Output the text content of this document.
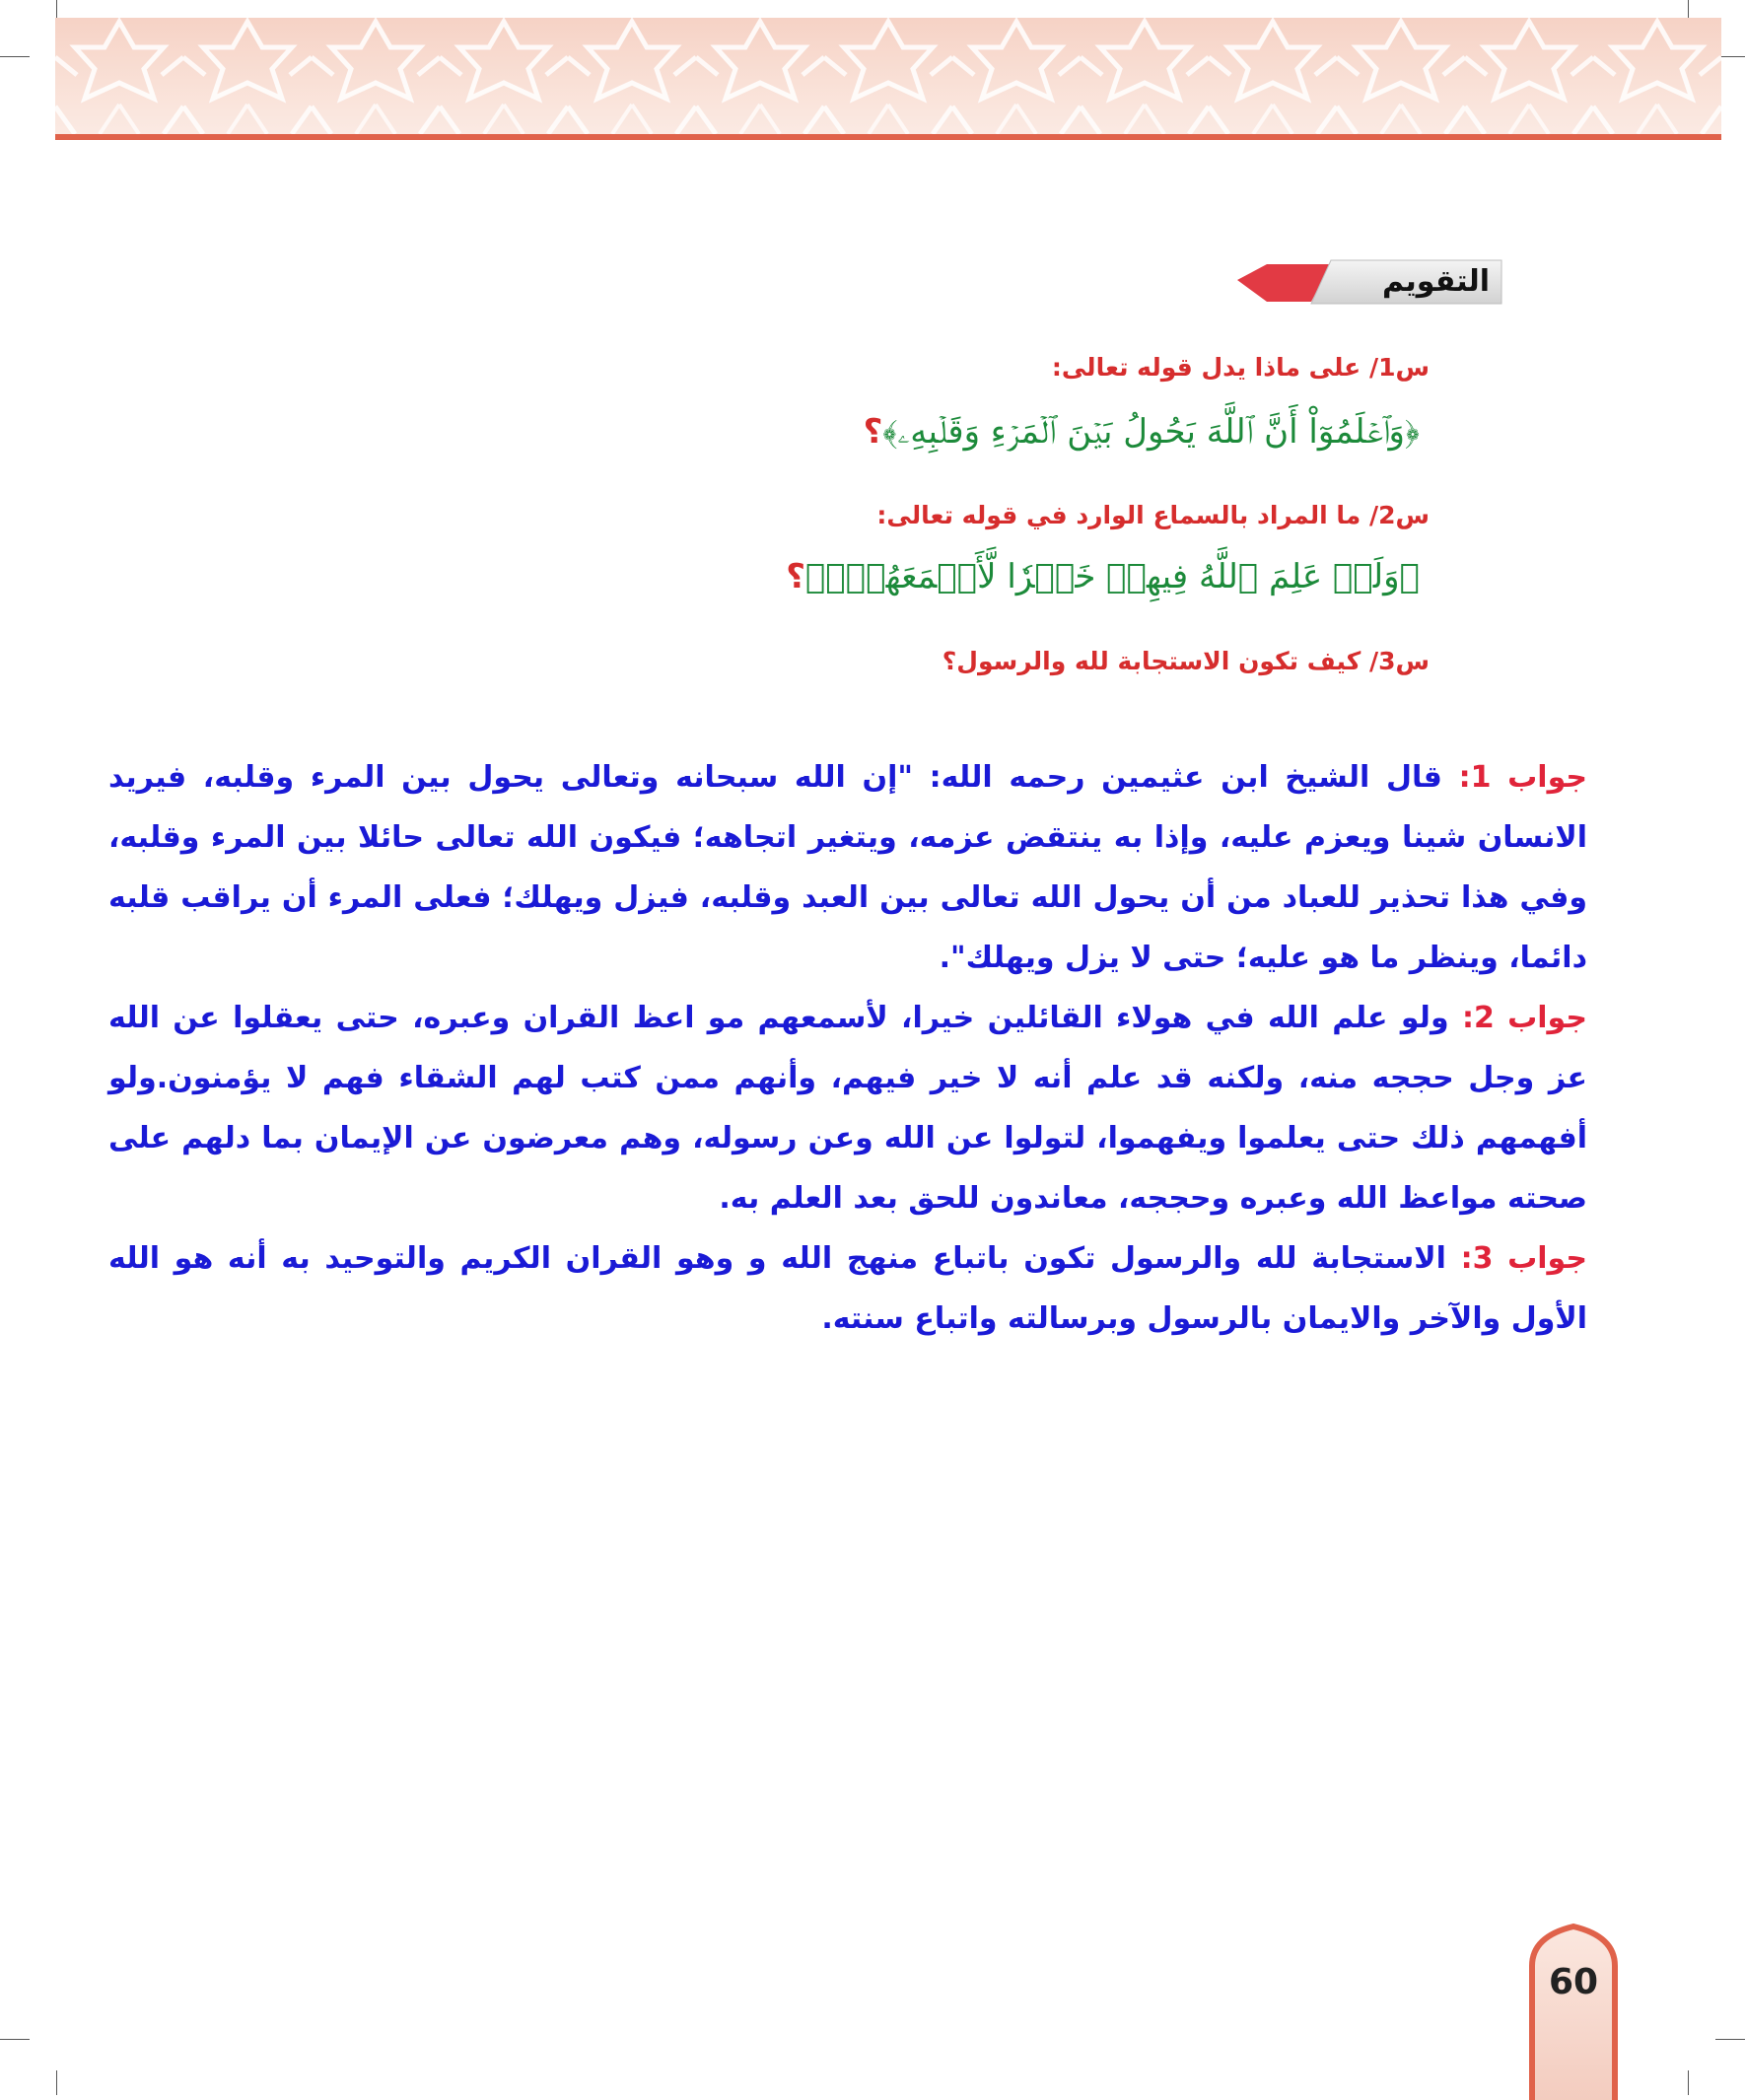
التقويم
س1/ على ماذا يدل قوله تعالى:
﴿وَٱعۡلَمُوٓاْ أَنَّ ٱللَّهَ يَحُولُ بَيۡنَ ٱلۡمَرۡءِ وَقَلۡبِهِۦ﴾؟
س2/ ما المراد بالسماع الوارد في قوله تعالى:
﴿وَلَوۡ عَلِمَ ٱللَّهُ فِيهِمۡ خَيۡرٗا لَّأَسۡمَعَهُمۡۖ﴾؟
س3/ كيف تكون الاستجابة لله والرسول؟

جواب 1: قال الشيخ ابن عثيمين رحمه الله: "إن الله سبحانه وتعالى يحول بين المرء وقلبه، فيريد الانسان شينا ويعزم عليه، وإذا به ينتقض عزمه، ويتغير اتجاهه؛ فيكون الله تعالى حائلا بين المرء وقلبه، وفي هذا تحذير للعباد من أن يحول الله تعالى بين العبد وقلبه، فيزل ويهلك؛ فعلى المرء أن يراقب قلبه دائما، وينظر ما هو عليه؛ حتى لا يزل ويهلك".

جواب 2: ولو علم الله في هولاء القائلين خيرا، لأسمعهم مو اعظ القران وعبره، حتى يعقلوا عن الله عز وجل حججه منه، ولكنه قد علم أنه لا خير فيهم، وأنهم ممن كتب لهم الشقاء فهم لا يؤمنون.ولو أفهمهم ذلك حتى يعلموا ويفهموا، لتولوا عن الله وعن رسوله، وهم معرضون عن الإيمان بما دلهم على صحته مواعظ الله وعبره وحججه، معاندون للحق بعد العلم به.

جواب 3: الاستجابة لله والرسول تكون باتباع منهج الله و وهو القران الكريم والتوحيد به أنه هو الله الأول والآخر والايمان بالرسول وبرسالته واتباع سنته.

60
